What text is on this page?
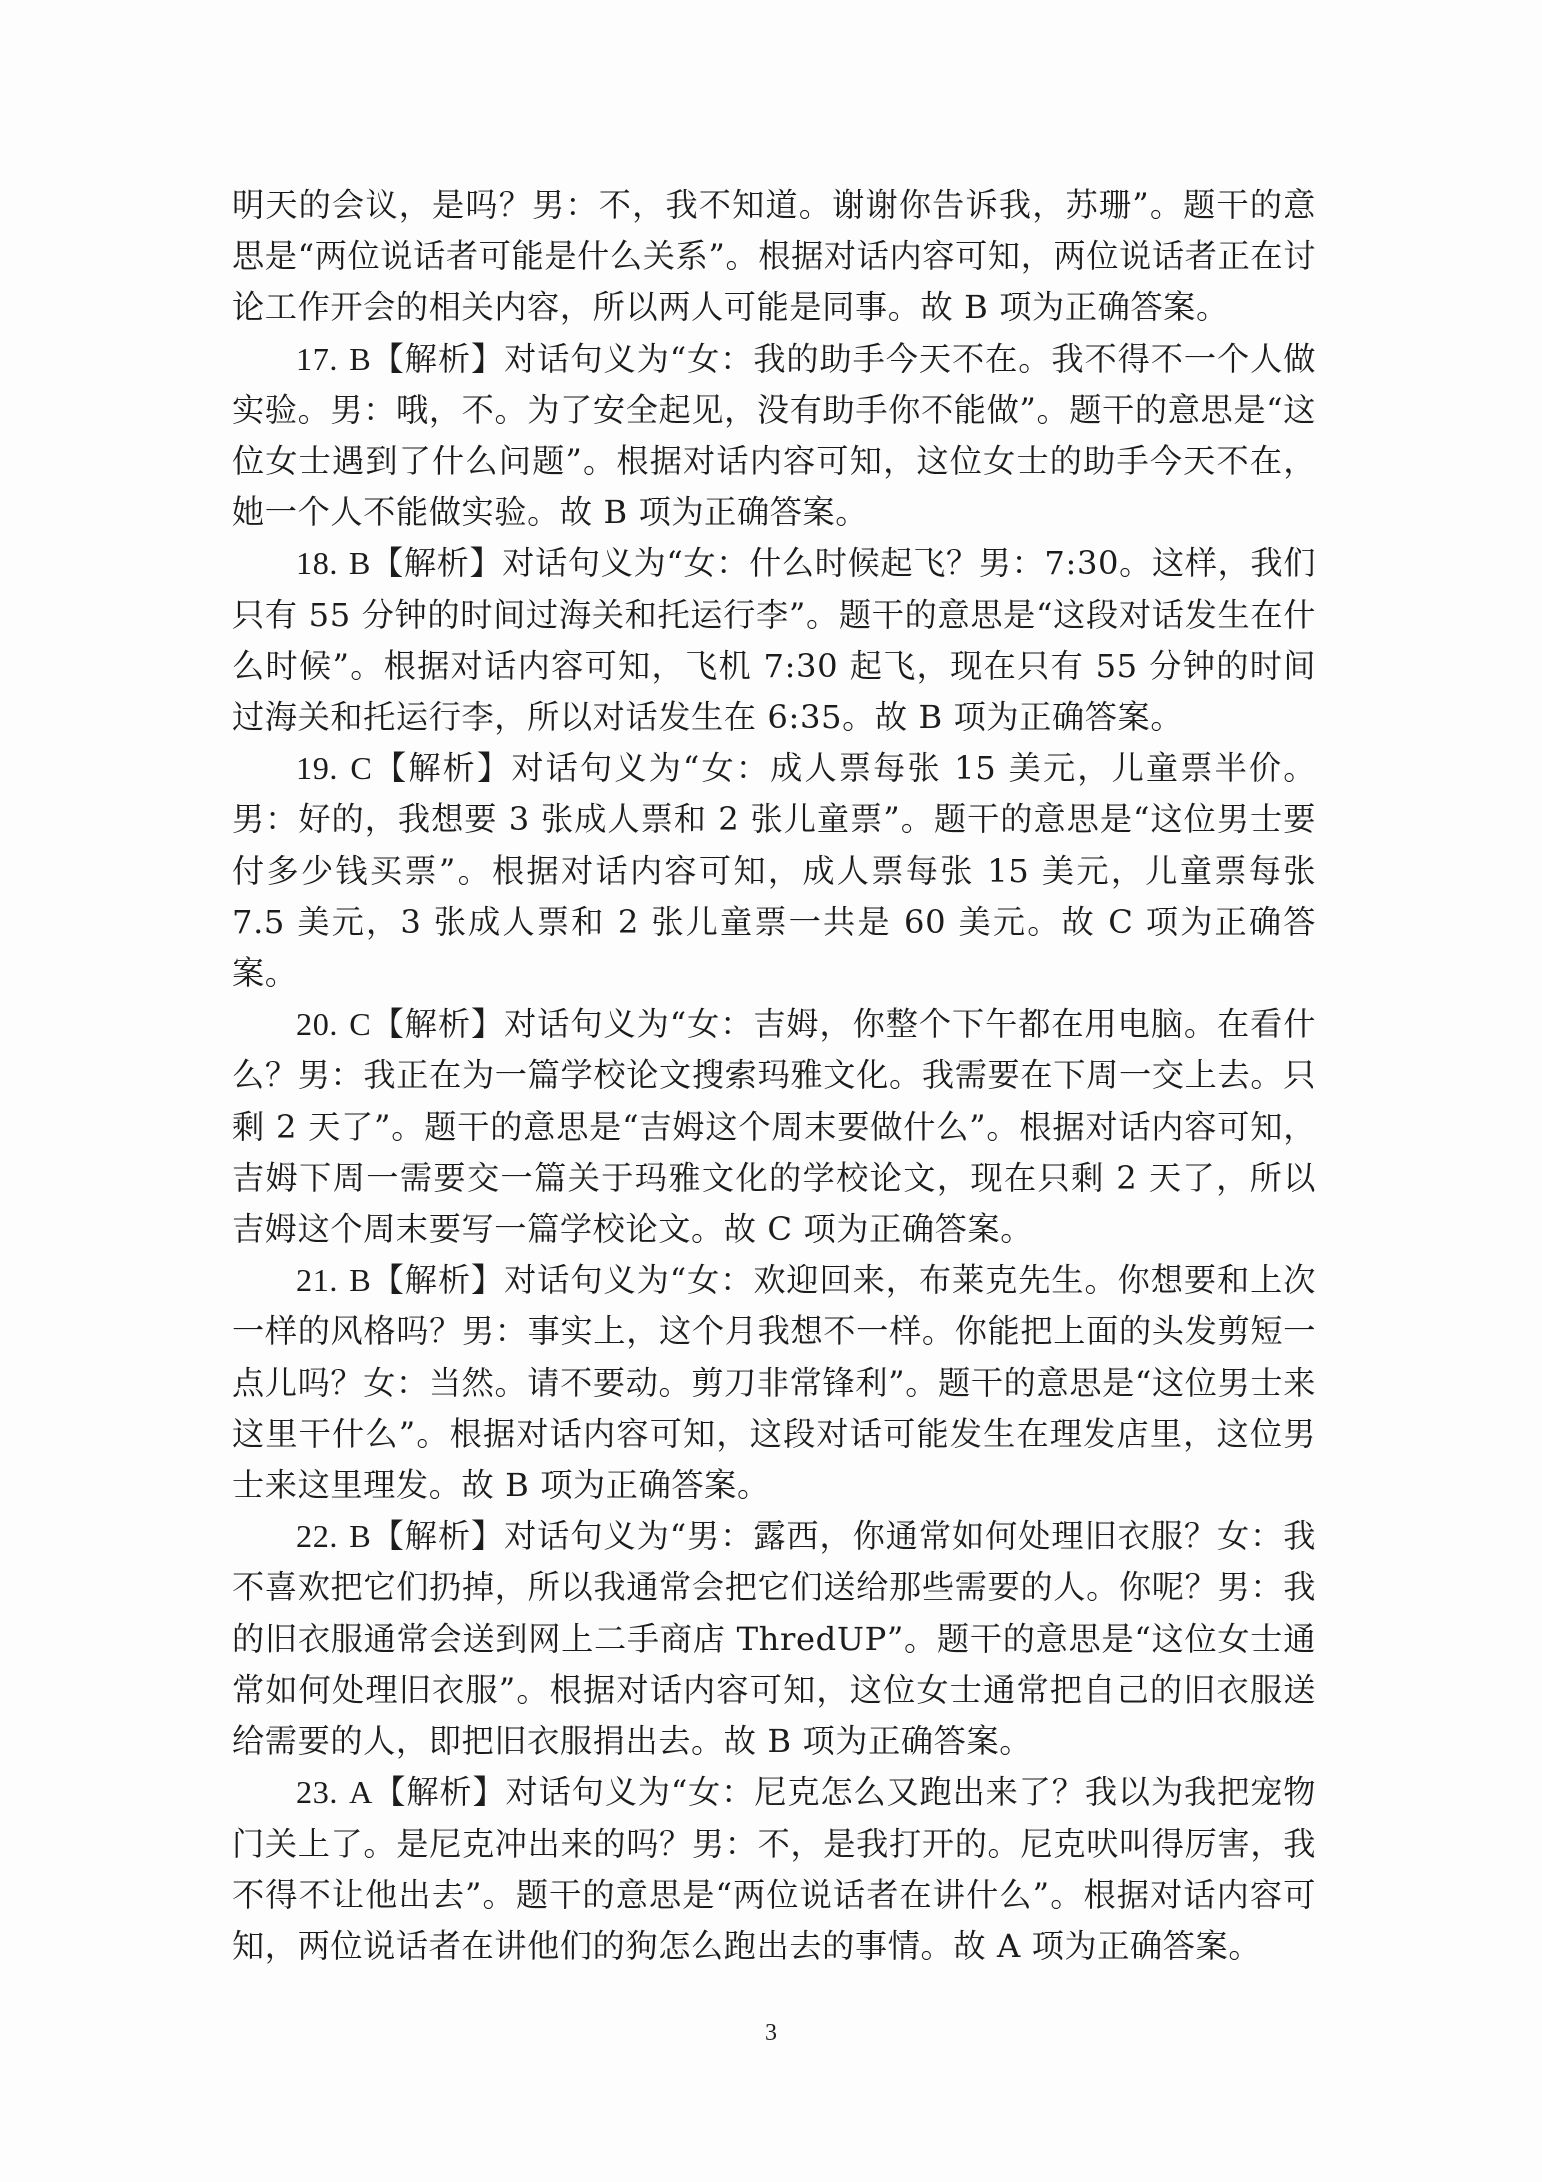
明天的会议，是吗？男：不，我不知道。谢谢你告诉我，苏珊”。题干的意思是“两位说话者可能是什么关系”。根据对话内容可知，两位说话者正在讨论工作开会的相关内容，所以两人可能是同事。故 B 项为正确答案。

17. B【解析】对话句义为“女：我的助手今天不在。我不得不一个人做实验。男：哦，不。为了安全起见，没有助手你不能做”。题干的意思是“这位女士遇到了什么问题”。根据对话内容可知，这位女士的助手今天不在，她一个人不能做实验。故 B 项为正确答案。

18. B【解析】对话句义为“女：什么时候起飞？男：7:30。这样，我们只有 55 分钟的时间过海关和托运行李”。题干的意思是“这段对话发生在什么时候”。根据对话内容可知，飞机 7:30 起飞，现在只有 55 分钟的时间过海关和托运行李，所以对话发生在 6:35。故 B 项为正确答案。

19. C【解析】对话句义为“女：成人票每张 15 美元，儿童票半价。男：好的，我想要 3 张成人票和 2 张儿童票”。题干的意思是“这位男士要付多少钱买票”。根据对话内容可知，成人票每张 15 美元，儿童票每张 7.5 美元，3 张成人票和 2 张儿童票一共是 60 美元。故 C 项为正确答案。

20. C【解析】对话句义为“女：吉姆，你整个下午都在用电脑。在看什么？男：我正在为一篇学校论文搜索玛雅文化。我需要在下周一交上去。只剩 2 天了”。题干的意思是“吉姆这个周末要做什么”。根据对话内容可知，吉姆下周一需要交一篇关于玛雅文化的学校论文，现在只剩 2 天了，所以吉姆这个周末要写一篇学校论文。故 C 项为正确答案。

21. B【解析】对话句义为“女：欢迎回来，布莱克先生。你想要和上次一样的风格吗？男：事实上，这个月我想不一样。你能把上面的头发剪短一点儿吗？女：当然。请不要动。剪刀非常锋利”。题干的意思是“这位男士来这里干什么”。根据对话内容可知，这段对话可能发生在理发店里，这位男士来这里理发。故 B 项为正确答案。

22. B【解析】对话句义为“男：露西，你通常如何处理旧衣服？女：我不喜欢把它们扔掉，所以我通常会把它们送给那些需要的人。你呢？男：我的旧衣服通常会送到网上二手商店 ThredUP”。题干的意思是“这位女士通常如何处理旧衣服”。根据对话内容可知，这位女士通常把自己的旧衣服送给需要的人，即把旧衣服捐出去。故 B 项为正确答案。

23. A【解析】对话句义为“女：尼克怎么又跑出来了？我以为我把宠物门关上了。是尼克冲出来的吗？男：不，是我打开的。尼克吠叫得厉害，我不得不让他出去”。题干的意思是“两位说话者在讲什么”。根据对话内容可知，两位说话者在讲他们的狗怎么跑出去的事情。故 A 项为正确答案。

3
